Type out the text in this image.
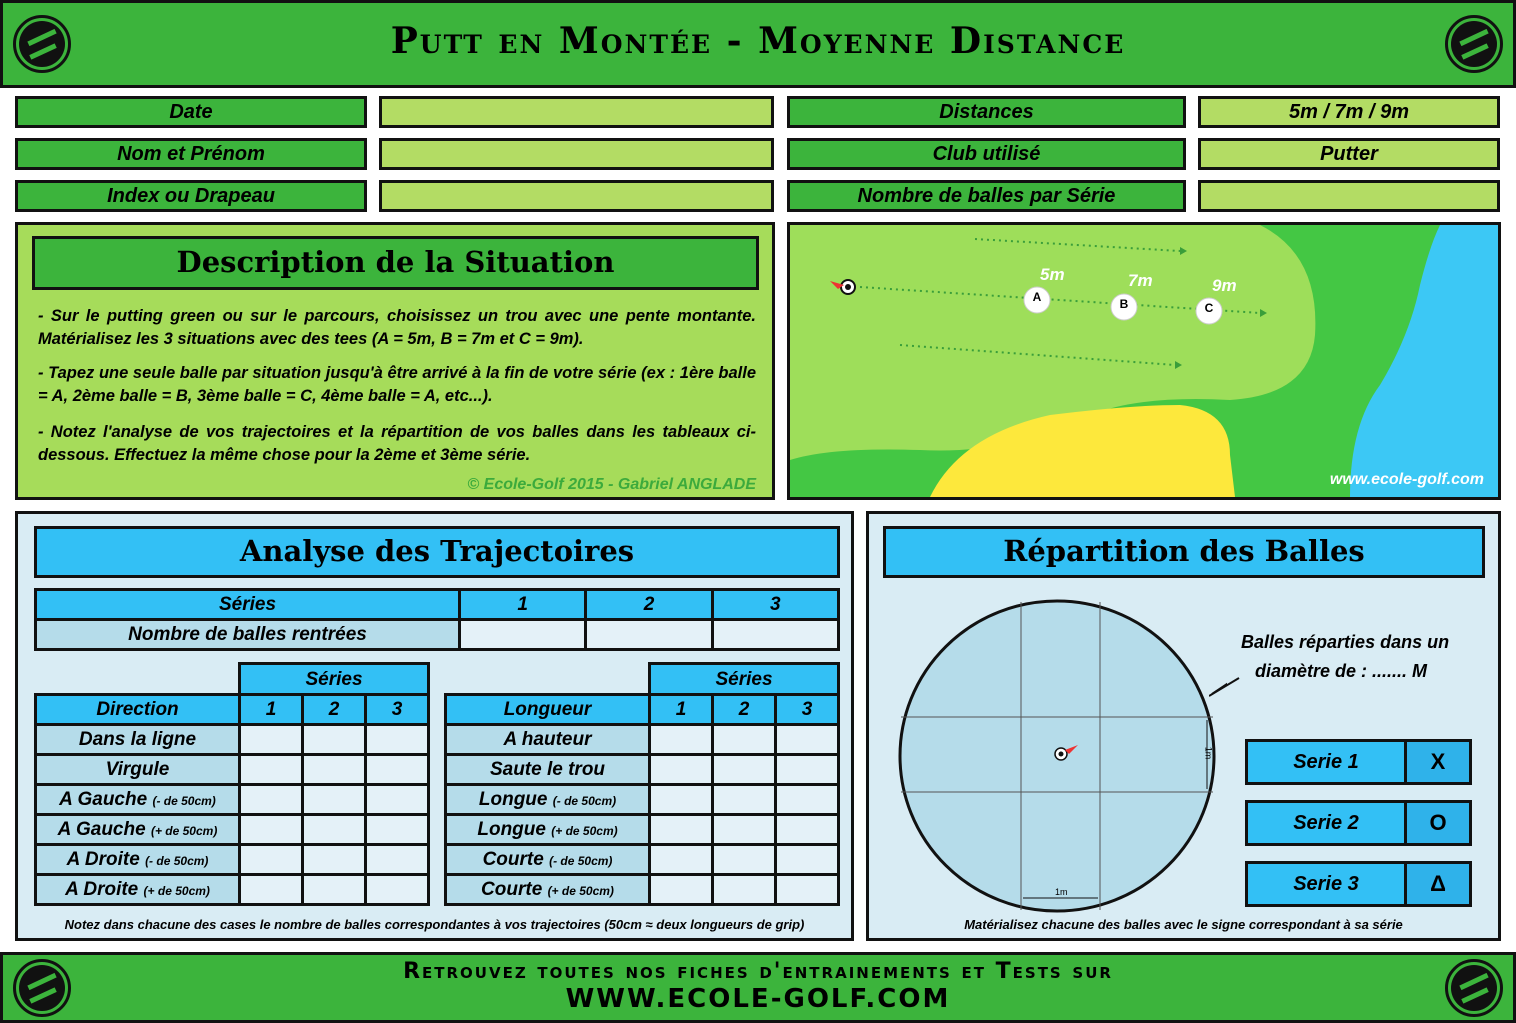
Putt en Montée - Moyenne Distance
Date
Nom et Prénom
Index ou Drapeau
Distances	5m / 7m / 9m
Club utilisé	Putter
Nombre de balles par Série
Description de la Situation
- Sur le putting green ou sur le parcours, choisissez un trou avec une pente montante. Matérialisez les 3 situations avec des tees (A = 5m, B = 7m et C = 9m).
- Tapez une seule balle par situation jusqu'à être arrivé à la fin de votre série (ex : 1ère balle = A, 2ème balle = B, 3ème balle = C, 4ème balle = A, etc...).
- Notez l'analyse de vos trajectoires et la répartition de vos balles dans les tableaux ci-dessous. Effectuez la même chose pour la 2ème et 3ème série.
© Ecole-Golf 2015 - Gabriel ANGLADE
A	B	C
5m	7m	9m
www.ecole-golf.com
Analyse des Trajectoires
Séries	1	2	3
Nombre de balles rentrées			
Séries
Direction	1	2	3
Dans la ligne			
Virgule			
A Gauche (- de 50cm)			
A Gauche (+ de 50cm)			
A Droite (- de 50cm)			
A Droite (+ de 50cm)			
Séries
Longueur	1	2	3
A hauteur			
Saute le trou			
Longue (- de 50cm)			
Longue (+ de 50cm)			
Courte (- de 50cm)			
Courte (+ de 50cm)			
Notez dans chacune des cases le nombre de balles correspondantes à vos trajectoires (50cm ≈ deux longueurs de grip)
Répartition des Balles
1m
1m
Balles réparties dans un
diamètre de : ....... M
Serie 1	X
Serie 2	O
Serie 3	Δ
Matérialisez chacune des balles avec le signe correspondant à sa série
Retrouvez toutes nos fiches d'entrainements et Tests sur
WWW.ECOLE-GOLF.COM
